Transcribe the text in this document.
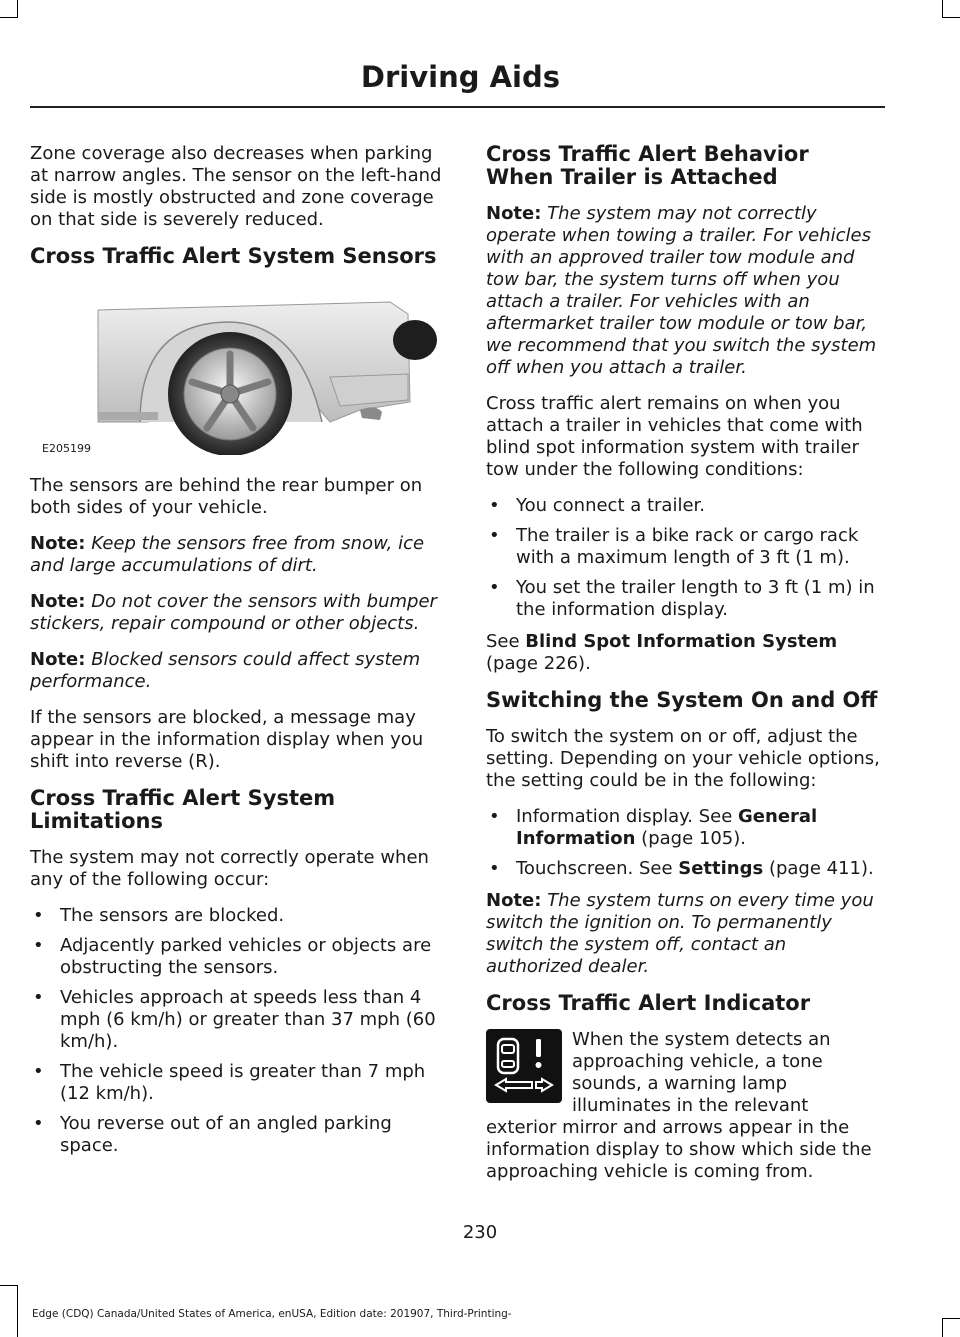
Driving Aids

Zone coverage also decreases when parking at narrow angles. The sensor on the left-hand side is mostly obstructed and zone coverage on that side is severely reduced.

Cross Traffic Alert System Sensors
E205199

The sensors are behind the rear bumper on both sides of your vehicle.

Note: Keep the sensors free from snow, ice and large accumulations of dirt.

Note: Do not cover the sensors with bumper stickers, repair compound or other objects.

Note: Blocked sensors could affect system performance.

If the sensors are blocked, a message may appear in the information display when you shift into reverse (R).

Cross Traffic Alert System Limitations

The system may not correctly operate when any of the following occur:

• The sensors are blocked.
• Adjacently parked vehicles or objects are obstructing the sensors.
• Vehicles approach at speeds less than 4 mph (6 km/h) or greater than 37 mph (60 km/h).
• The vehicle speed is greater than 7 mph (12 km/h).
• You reverse out of an angled parking space.
Cross Traffic Alert Behavior When Trailer is Attached

Note: The system may not correctly operate when towing a trailer. For vehicles with an approved trailer tow module and tow bar, the system turns off when you attach a trailer. For vehicles with an aftermarket trailer tow module or tow bar, we recommend that you switch the system off when you attach a trailer.

Cross traffic alert remains on when you attach a trailer in vehicles that come with blind spot information system with trailer tow under the following conditions:

• You connect a trailer.
• The trailer is a bike rack or cargo rack with a maximum length of 3 ft (1 m).
• You set the trailer length to 3 ft (1 m) in the information display.

See Blind Spot Information System (page 226).

Switching the System On and Off

To switch the system on or off, adjust the setting. Depending on your vehicle options, the setting could be in the following:

• Information display. See General Information (page 105).
• Touchscreen. See Settings (page 411).

Note: The system turns on every time you switch the ignition on. To permanently switch the system off, contact an authorized dealer.

Cross Traffic Alert Indicator

When the system detects an approaching vehicle, a tone sounds, a warning lamp illuminates in the relevant exterior mirror and arrows appear in the information display to show which side the approaching vehicle is coming from.

230

Edge (CDQ) Canada/United States of America, enUSA, Edition date: 201907, Third-Printing-
